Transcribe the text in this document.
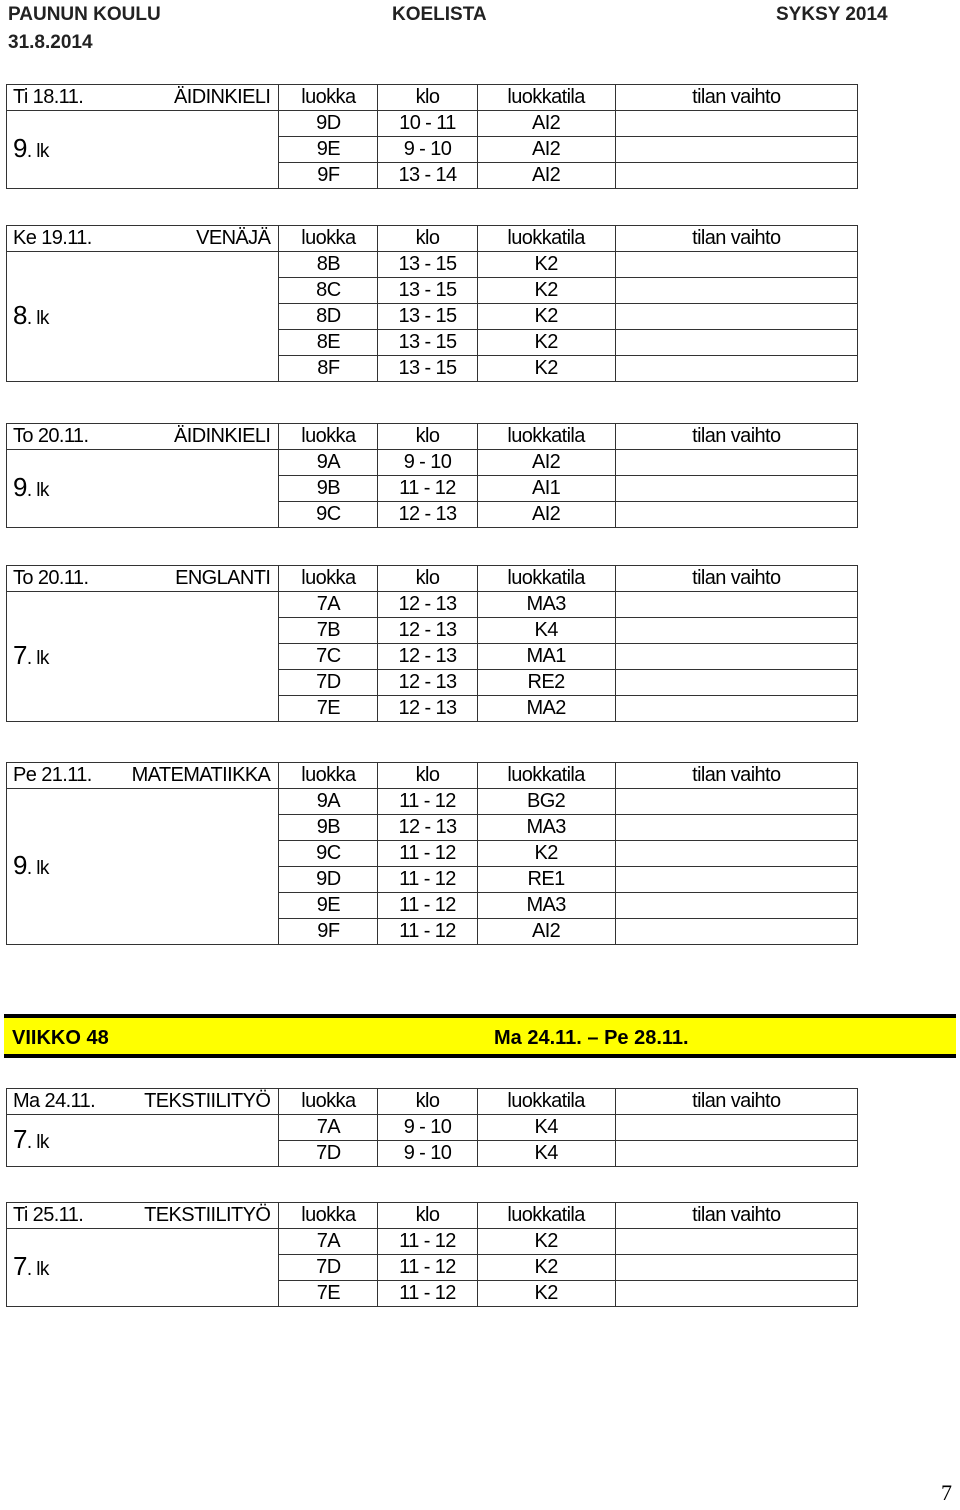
PAUNUN KOULU	KOELISTA	SYKSY 2014
31.8.2014
Ti 18.11.	ÄIDINKIELI	luokka	klo	luokkatila	tilan vaihto
9. lk		9D	10 - 11	AI2	
		9E	9 - 10	AI2	
		9F	13 - 14	AI2	
Ke 19.11.	VENÄJÄ	luokka	klo	luokkatila	tilan vaihto
8. lk		8B	13 - 15	K2	
		8C	13 - 15	K2	
		8D	13 - 15	K2	
		8E	13 - 15	K2	
		8F	13 - 15	K2	
To 20.11.	ÄIDINKIELI	luokka	klo	luokkatila	tilan vaihto
9. lk		9A	9 - 10	AI2	
		9B	11 - 12	AI1	
		9C	12 - 13	AI2	
To 20.11.	ENGLANTI	luokka	klo	luokkatila	tilan vaihto
7. lk		7A	12 - 13	MA3	
		7B	12 - 13	K4	
		7C	12 - 13	MA1	
		7D	12 - 13	RE2	
		7E	12 - 13	MA2	
Pe 21.11.	MATEMATIIKKA	luokka	klo	luokkatila	tilan vaihto
9. lk		9A	11 - 12	BG2	
		9B	12 - 13	MA3	
		9C	11 - 12	K2	
		9D	11 - 12	RE1	
		9E	11 - 12	MA3	
		9F	11 - 12	AI2	
Ma 24.11.	TEKSTIILITYÖ	luokka	klo	luokkatila	tilan vaihto
7. lk		7A	9 - 10	K4	
		7D	9 - 10	K4	
Ti 25.11.	TEKSTIILITYÖ	luokka	klo	luokkatila	tilan vaihto
7. lk		7A	11 - 12	K2	
		7D	11 - 12	K2	
		7E	11 - 12	K2	
VIIKKO 48	Ma 24.11. – Pe 28.11.
7
